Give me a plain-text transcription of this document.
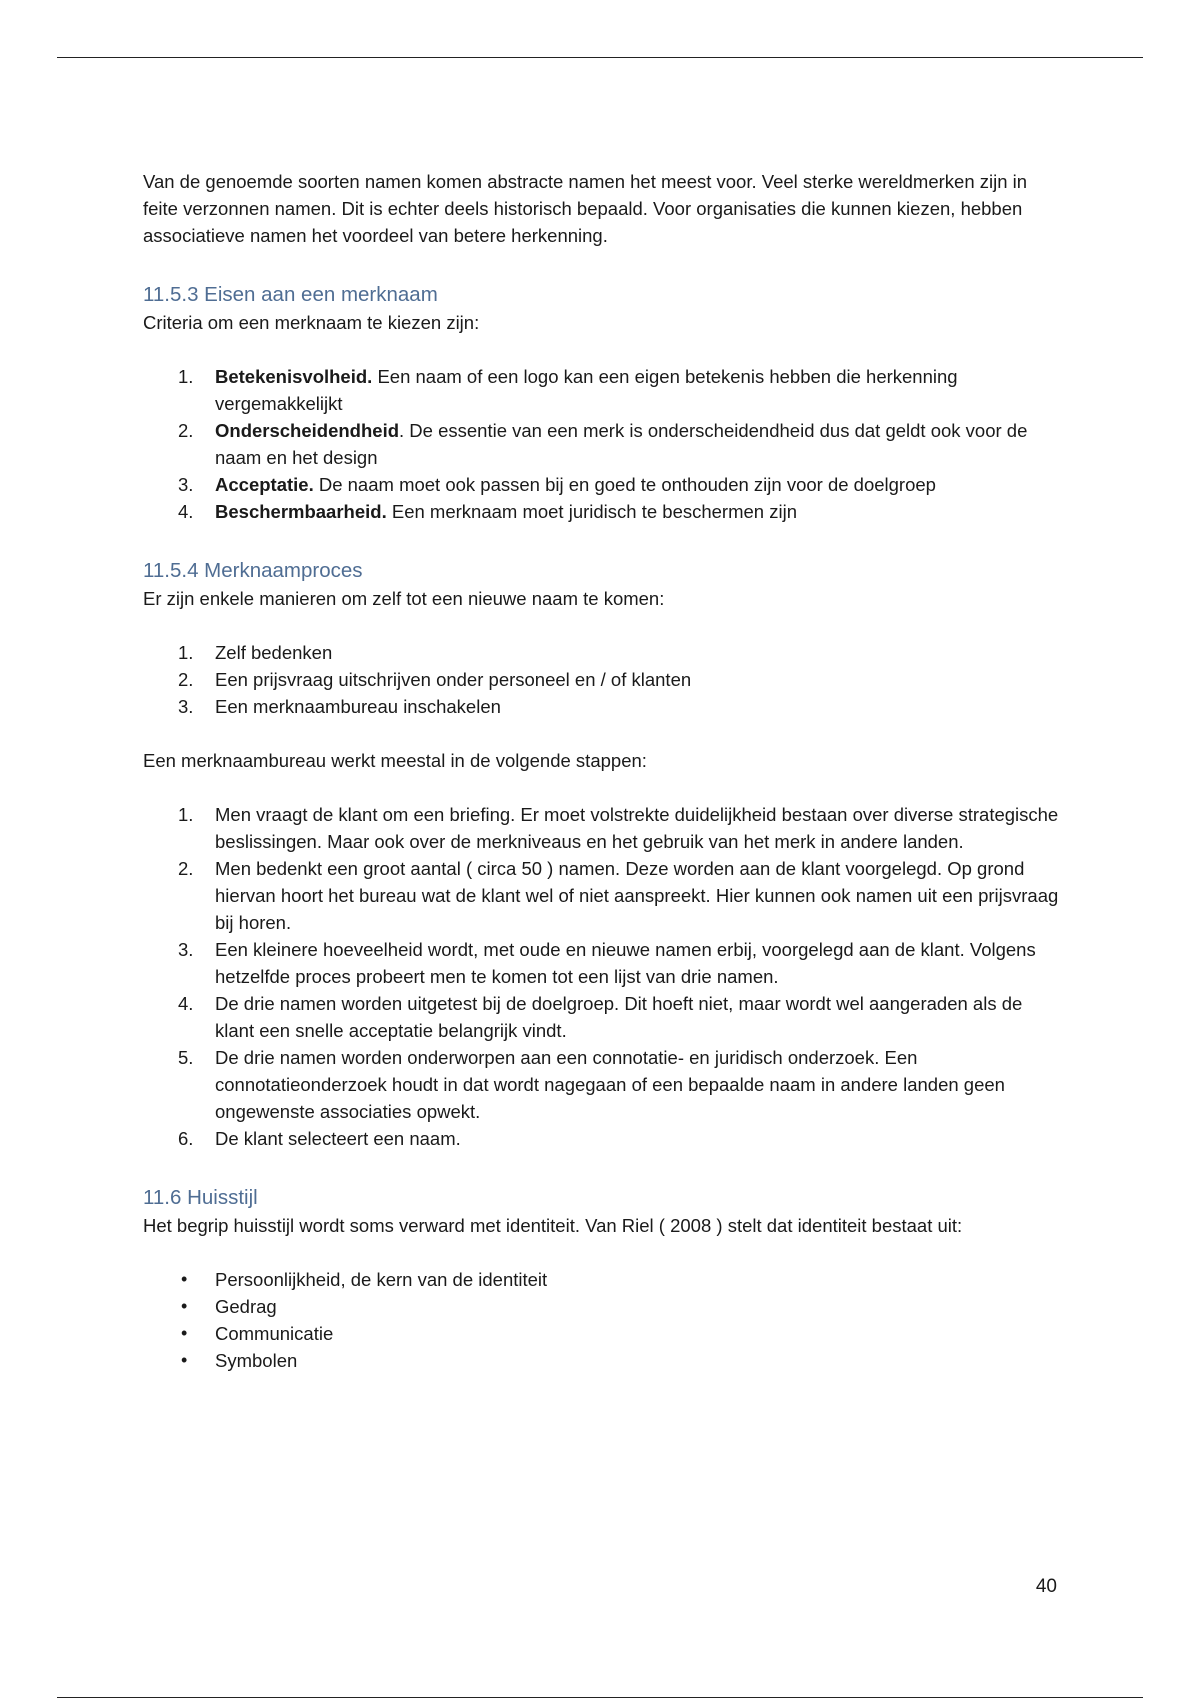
Van de genoemde soorten namen komen abstracte namen het meest voor. Veel sterke wereldmerken zijn in feite verzonnen namen. Dit is echter deels historisch bepaald. Voor organisaties die kunnen kiezen, hebben associatieve namen het voordeel van betere herkenning.

11.5.3 Eisen aan een merknaam

Criteria om een merknaam te kiezen zijn:

1. Betekenisvolheid. Een naam of een logo kan een eigen betekenis hebben die herkenning vergemakkelijkt
2. Onderscheidendheid. De essentie van een merk is onderscheidendheid dus dat geldt ook voor de naam en het design
3. Acceptatie. De naam moet ook passen bij en goed te onthouden zijn voor de doelgroep
4. Beschermbaarheid. Een merknaam moet juridisch te beschermen zijn
11.5.4 Merknaamproces

Er zijn enkele manieren om zelf tot een nieuwe naam te komen:

1. Zelf bedenken
2. Een prijsvraag uitschrijven onder personeel en / of klanten
3. Een merknaambureau inschakelen

Een merknaambureau werkt meestal in de volgende stappen:

1. Men vraagt de klant om een briefing. Er moet volstrekte duidelijkheid bestaan over diverse strategische beslissingen. Maar ook over de merkniveaus en het gebruik van het merk in andere landen.
2. Men bedenkt een groot aantal ( circa 50 ) namen. Deze worden aan de klant voorgelegd. Op grond hiervan hoort het bureau wat de klant wel of niet aanspreekt. Hier kunnen ook namen uit een prijsvraag bij horen.
3. Een kleinere hoeveelheid wordt, met oude en nieuwe namen erbij, voorgelegd aan de klant. Volgens hetzelfde proces probeert men te komen tot een lijst van drie namen.
4. De drie namen worden uitgetest bij de doelgroep. Dit hoeft niet, maar wordt wel aangeraden als de klant een snelle acceptatie belangrijk vindt.
5. De drie namen worden onderworpen aan een connotatie- en juridisch onderzoek. Een connotatieonderzoek houdt in dat wordt nagegaan of een bepaalde naam in andere landen geen ongewenste associaties opwekt.
6. De klant selecteert een naam.
11.6 Huisstijl

Het begrip huisstijl wordt soms verward met identiteit. Van Riel ( 2008 ) stelt dat identiteit bestaat uit:

• Persoonlijkheid, de kern van de identiteit
• Gedrag
• Communicatie
• Symbolen
40
